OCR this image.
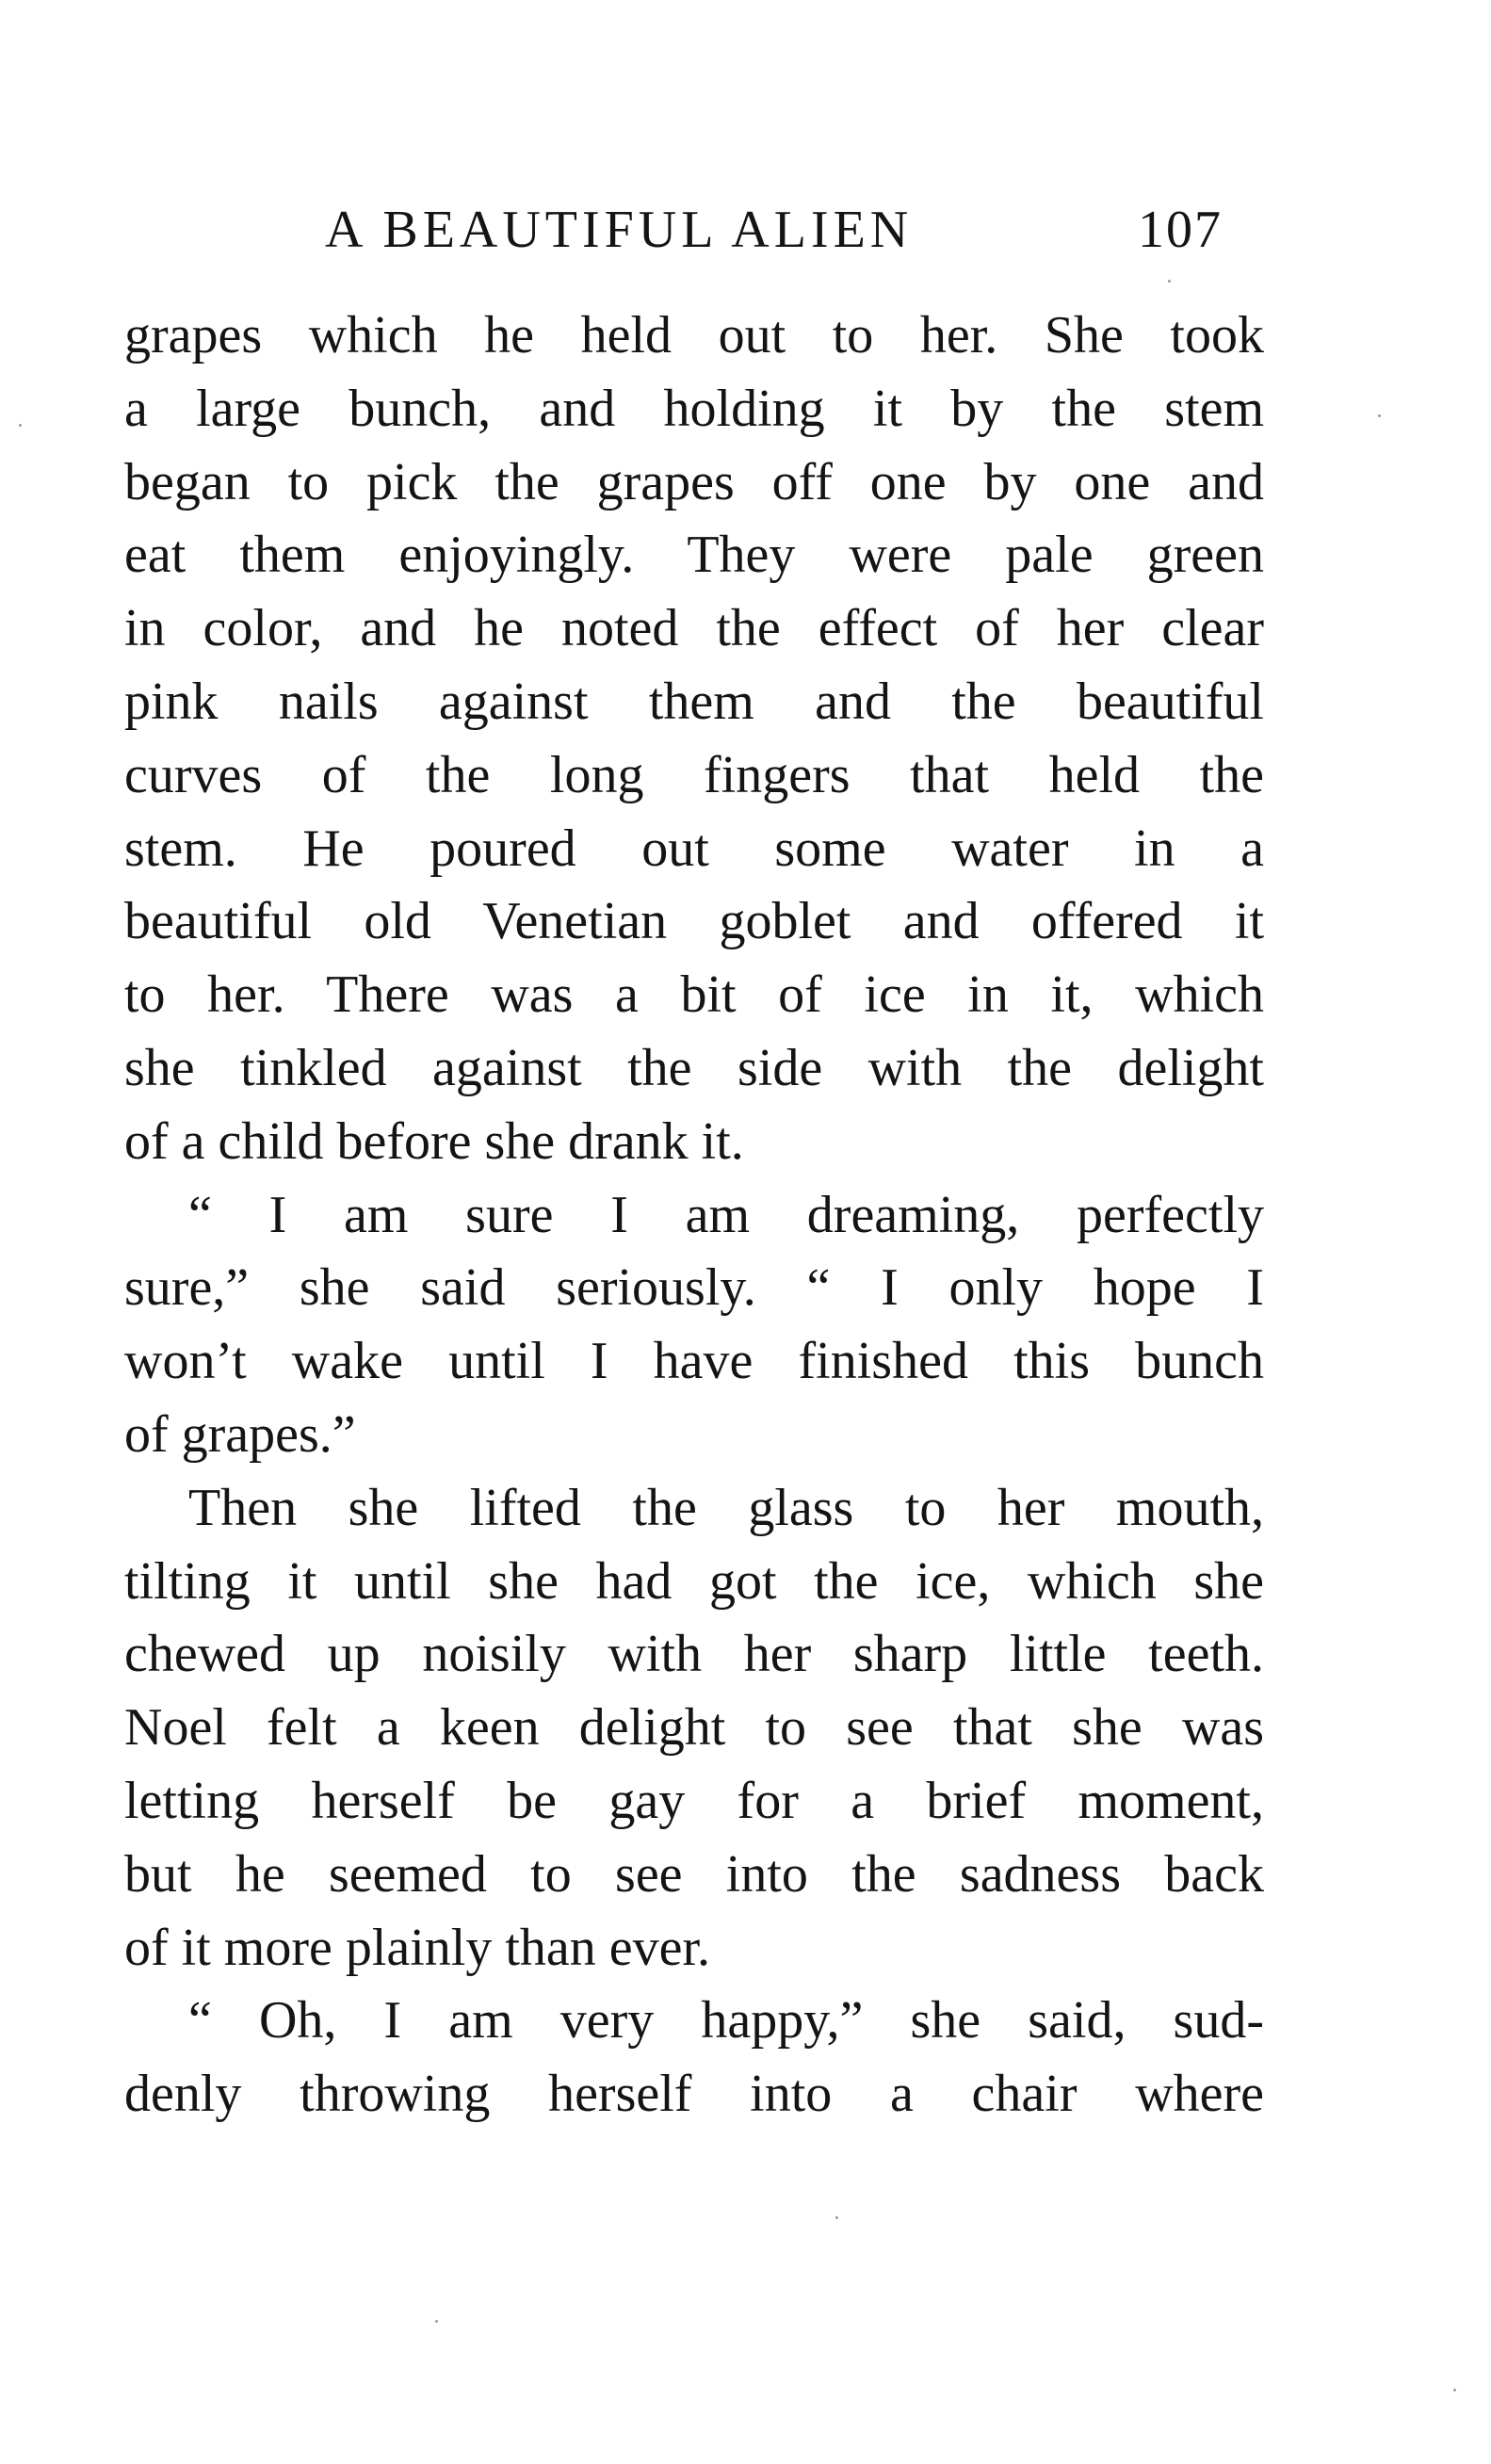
A BEAUTIFUL ALIEN	107
grapes which he held out to her. She took
a large bunch, and holding it by the stem
began to pick the grapes off one by one and
eat them enjoyingly. They were pale green
in color, and he noted the effect of her clear
pink nails against them and the beautiful
curves of the long fingers that held the
stem. He poured out some water in a
beautiful old Venetian goblet and offered it
to her. There was a bit of ice in it, which
she tinkled against the side with the delight
of a child before she drank it.
“ I am sure I am dreaming, perfectly
sure,” she said seriously. “ I only hope I
won’t wake until I have finished this bunch
of grapes.”
Then she lifted the glass to her mouth,
tilting it until she had got the ice, which she
chewed up noisily with her sharp little teeth.
Noel felt a keen delight to see that she was
letting herself be gay for a brief moment,
but he seemed to see into the sadness back
of it more plainly than ever.
“ Oh, I am very happy,” she said, sud-
denly throwing herself into a chair where
